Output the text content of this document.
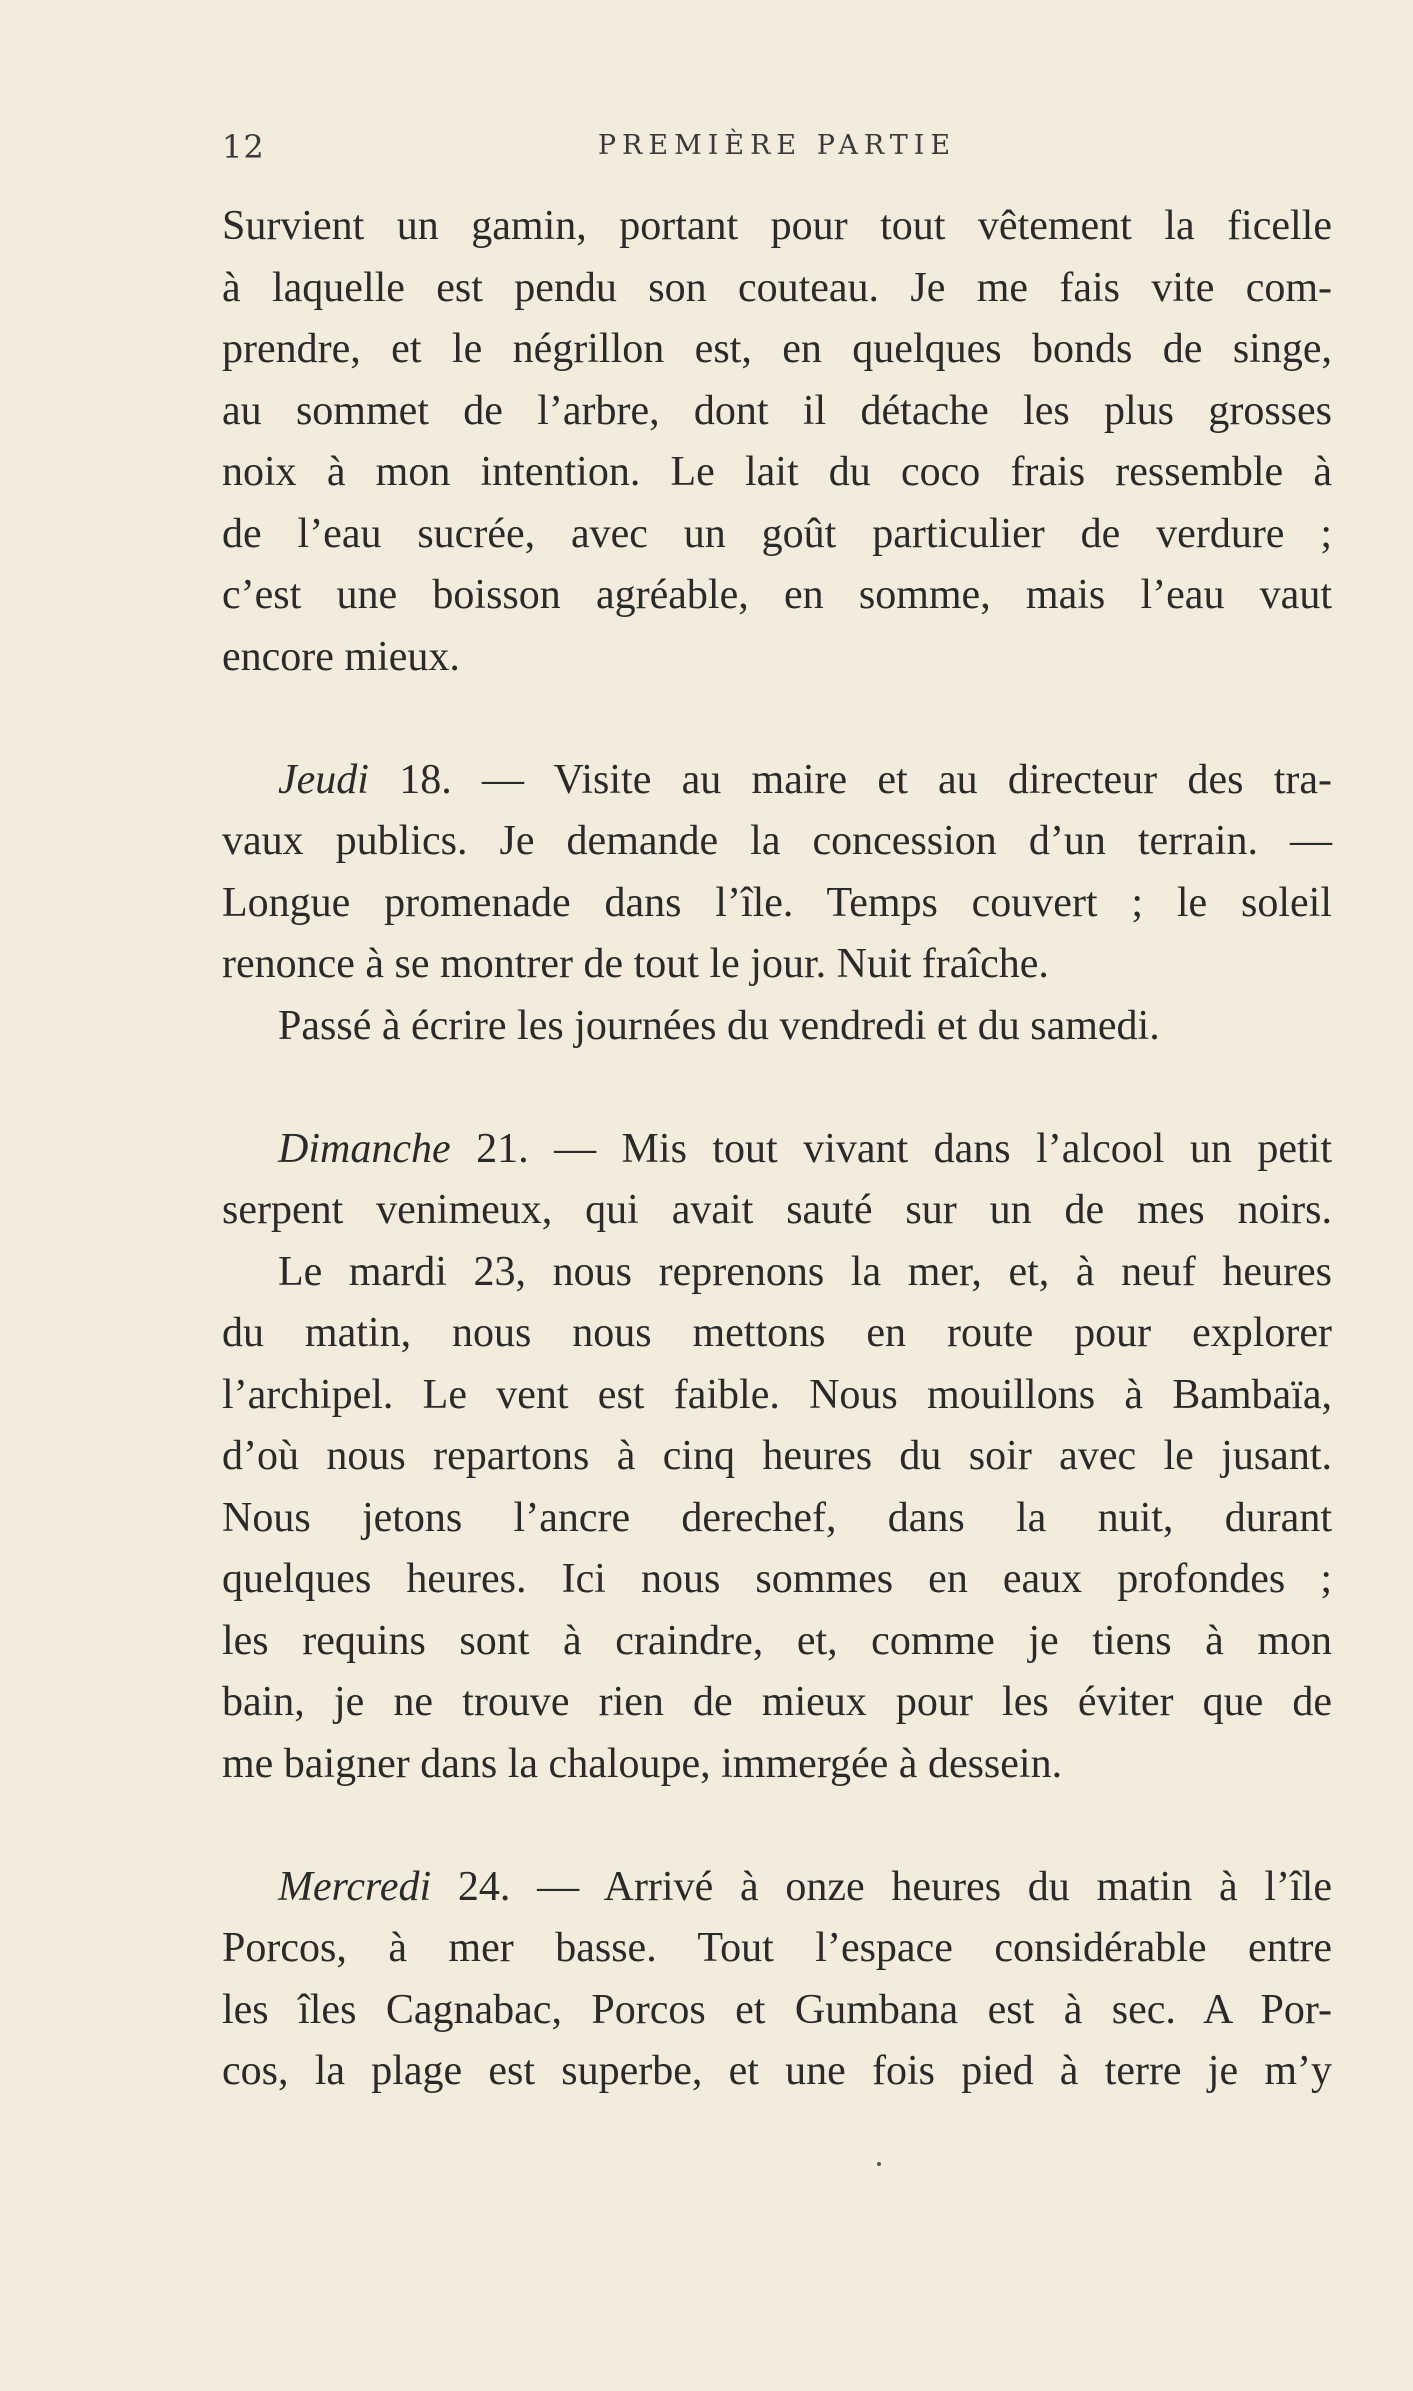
12	PREMIÈRE PARTIE
Survient un gamin, portant pour tout vêtement la ficelle
à laquelle est pendu son couteau. Je me fais vite com-
prendre, et le négrillon est, en quelques bonds de singe,
au sommet de l’arbre, dont il détache les plus grosses
noix à mon intention. Le lait du coco frais ressemble à
de l’eau sucrée, avec un goût particulier de verdure ;
c’est une boisson agréable, en somme, mais l’eau vaut
encore mieux.
Jeudi 18. — Visite au maire et au directeur des tra-
vaux publics. Je demande la concession d’un terrain. —
Longue promenade dans l’île. Temps couvert ; le soleil
renonce à se montrer de tout le jour. Nuit fraîche.
Passé à écrire les journées du vendredi et du samedi.
Dimanche 21. — Mis tout vivant dans l’alcool un petit
serpent venimeux, qui avait sauté sur un de mes noirs.
Le mardi 23, nous reprenons la mer, et, à neuf heures
du matin, nous nous mettons en route pour explorer
l’archipel. Le vent est faible. Nous mouillons à Bambaïa,
d’où nous repartons à cinq heures du soir avec le jusant.
Nous jetons l’ancre derechef, dans la nuit, durant
quelques heures. Ici nous sommes en eaux profondes ;
les requins sont à craindre, et, comme je tiens à mon
bain, je ne trouve rien de mieux pour les éviter que de
me baigner dans la chaloupe, immergée à dessein.
Mercredi 24. — Arrivé à onze heures du matin à l’île
Porcos, à mer basse. Tout l’espace considérable entre
les îles Cagnabac, Porcos et Gumbana est à sec. A Por-
cos, la plage est superbe, et une fois pied à terre je m’y
